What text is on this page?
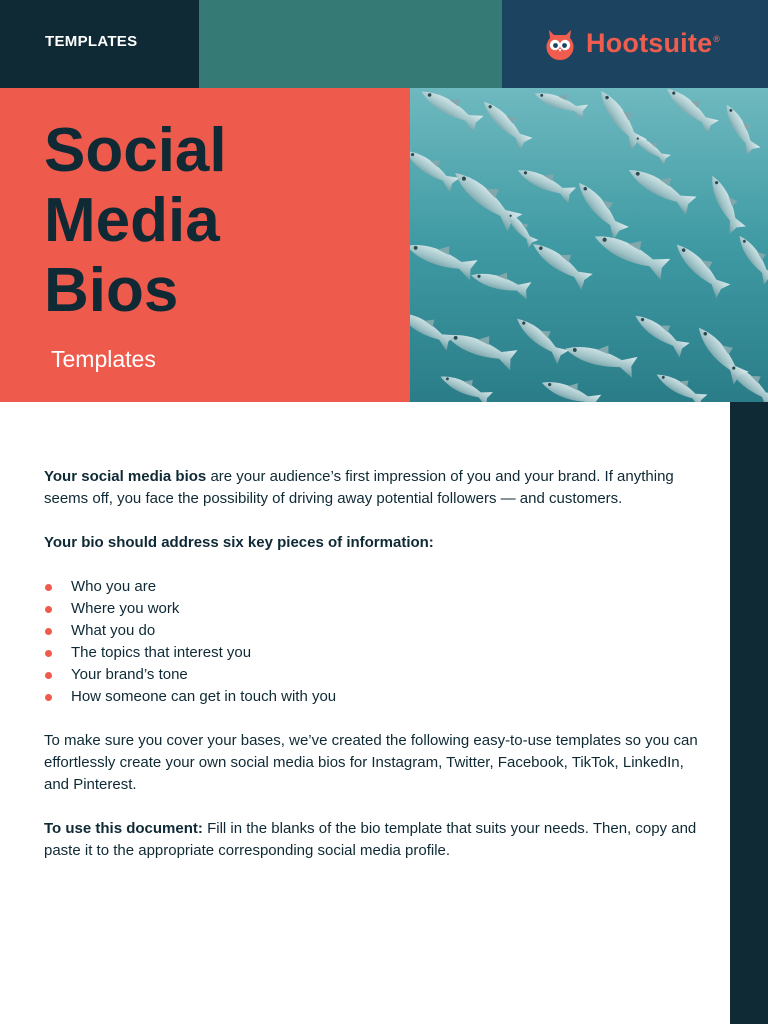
TEMPLATES	Hootsuite®
Social
Media
Bios
Templates

Your social media bios are your audience’s first impression of you and your brand. If anything seems off, you face the possibility of driving away potential followers — and customers.

Your bio should address six key pieces of information:

Who you are
Where you work
What you do
The topics that interest you
Your brand’s tone
How someone can get in touch with you

To make sure you cover your bases, we’ve created the following easy-to-use templates so you can effortlessly create your own social media bios for Instagram, Twitter, Facebook, TikTok, LinkedIn, and Pinterest.

To use this document: Fill in the blanks of the bio template that suits your needs. Then, copy and paste it to the appropriate corresponding social media profile.
